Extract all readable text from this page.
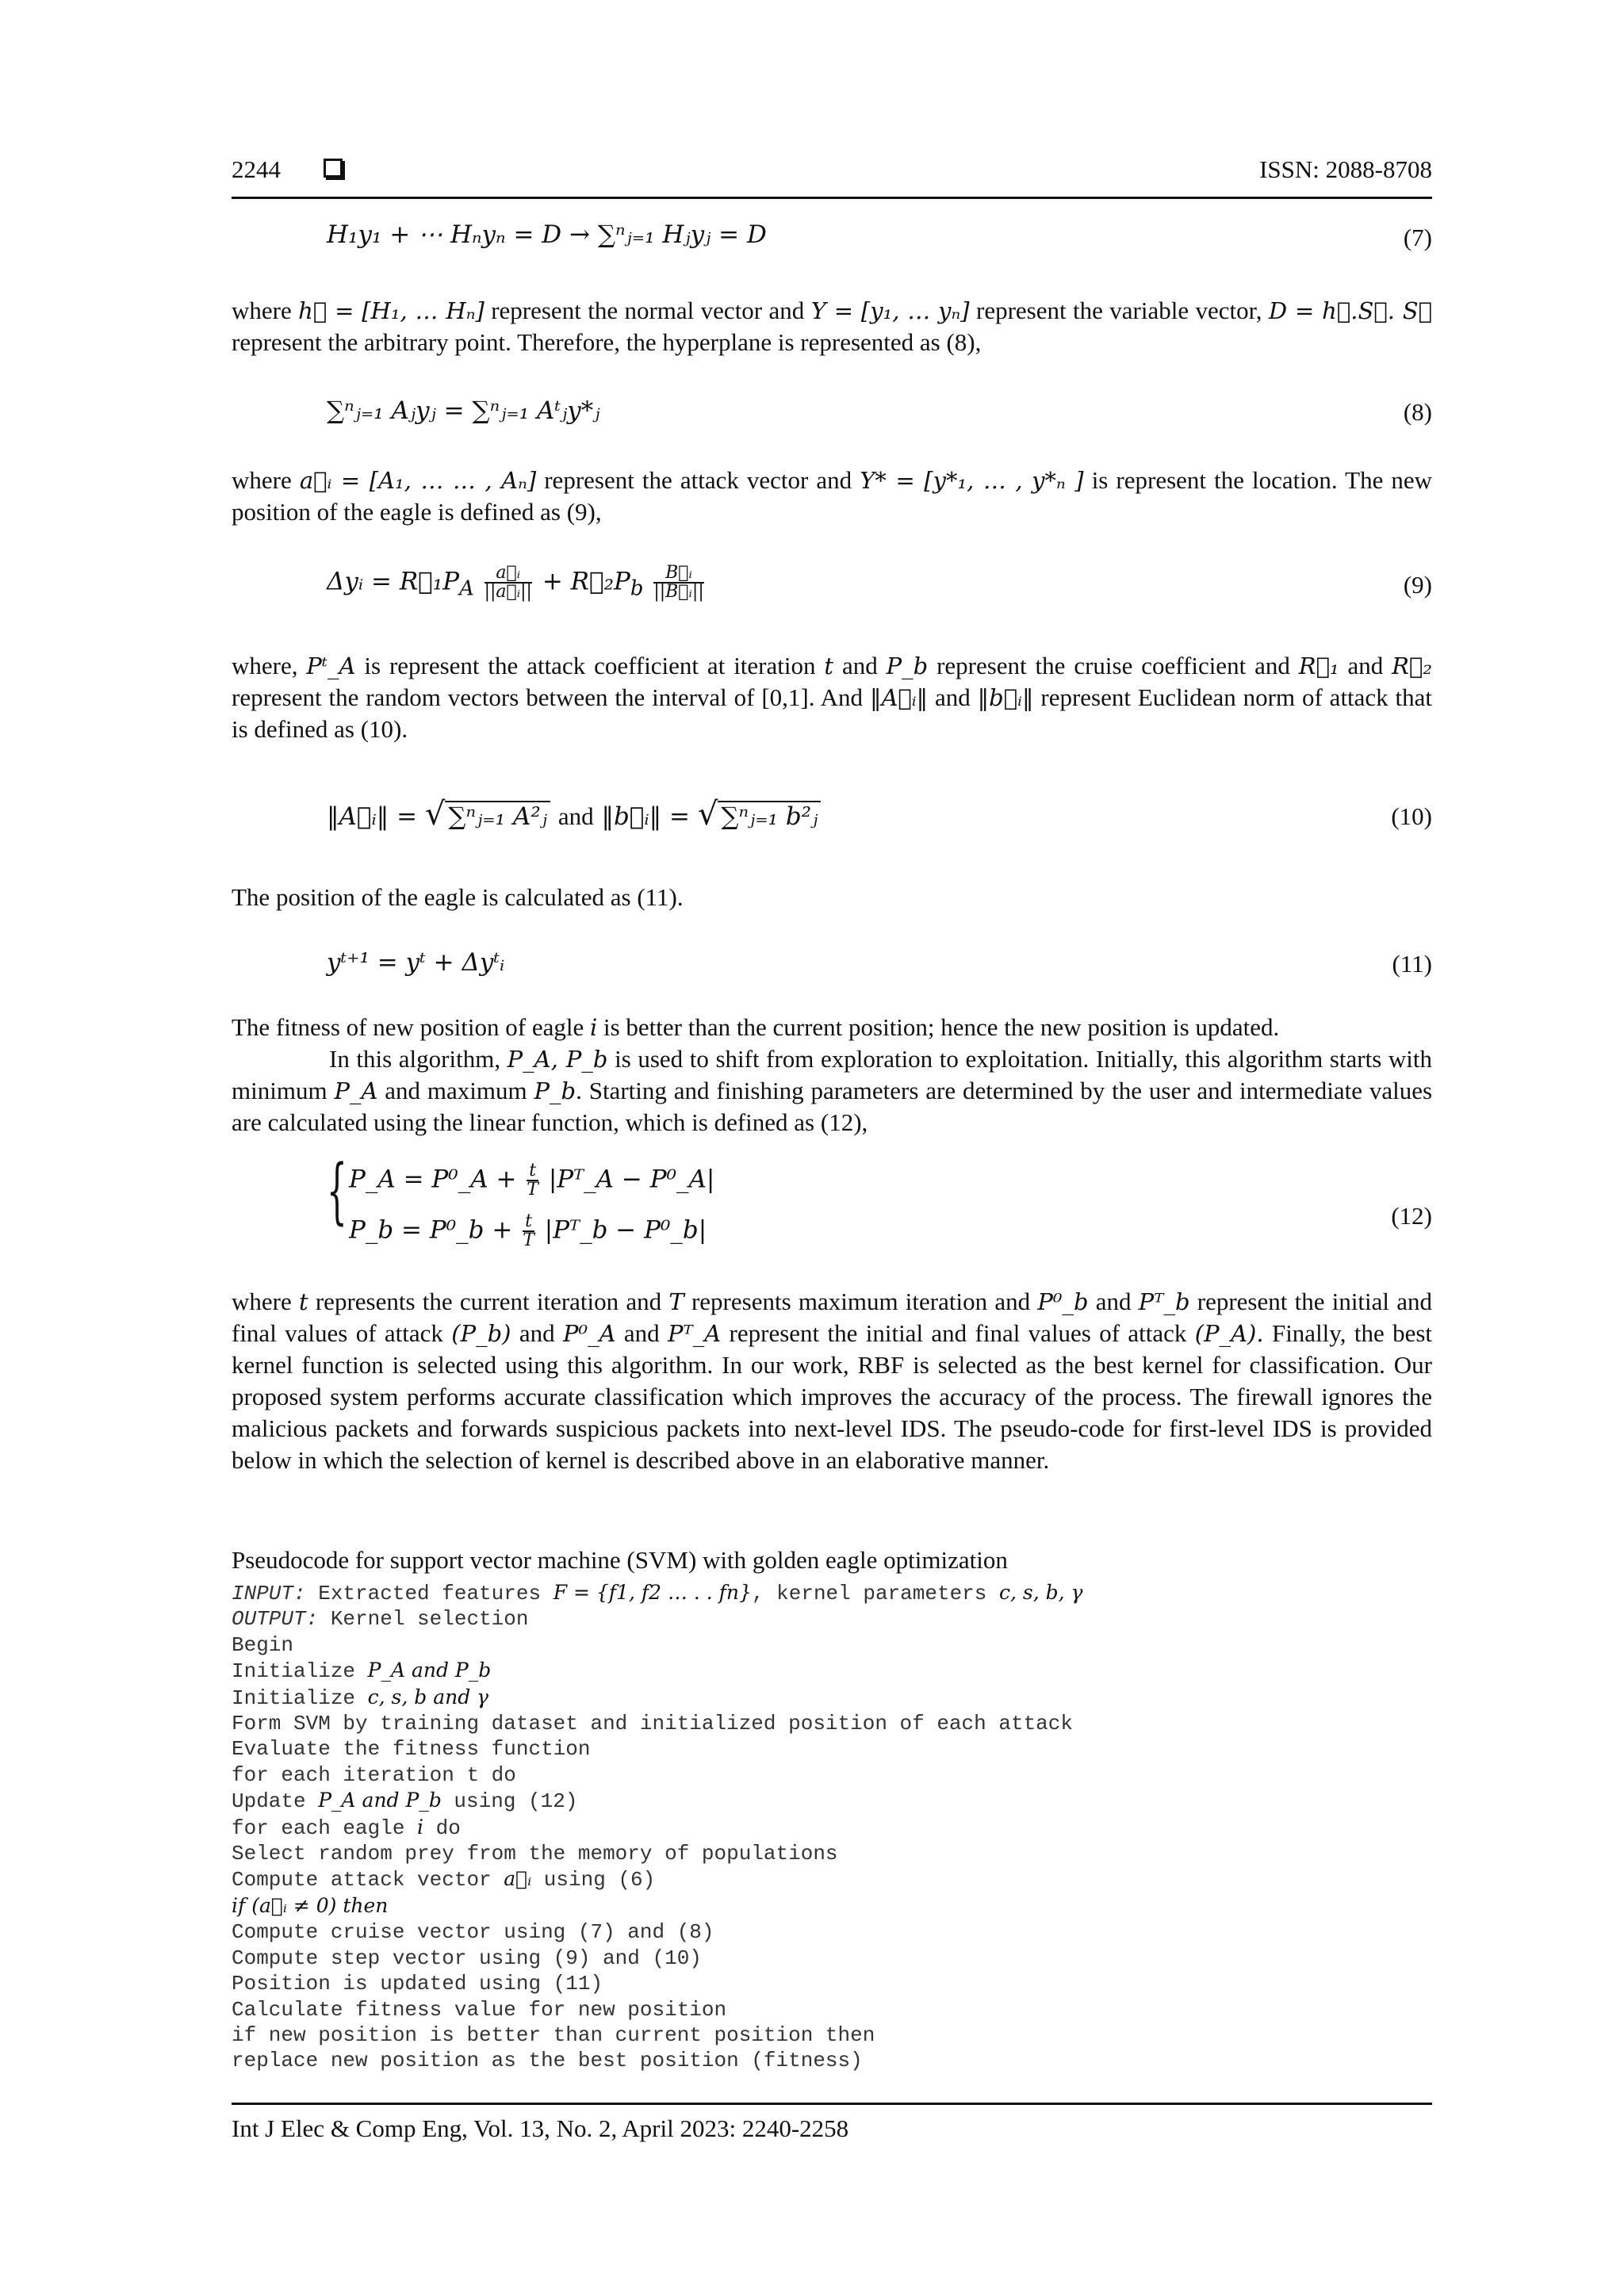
2244	ISSN: 2088-8708
H₁y₁ + ⋯ Hₙyₙ = D → ∑ⁿⱼ₌₁ Hⱼyⱼ = D	(7)
where h⃗ = [H₁, … Hₙ] represent the normal vector and Y = [y₁, … yₙ] represent the variable vector, D = h⃗.S⃗. S⃗ represent the arbitrary point. Therefore, the hyperplane is represented as (8),
∑ⁿⱼ₌₁ Aⱼyⱼ = ∑ⁿⱼ₌₁ Aᵗⱼy*ⱼ	(8)
where a⃗ᵢ = [A₁, … … , Aₙ] represent the attack vector and Y* = [y*₁, … , y*ₙ ] is represent the location. The new position of the eagle is defined as (9),
Δyᵢ = $R⃗_1P_A \frac{\text{a⃗ᵢ}}{\text{||a⃗ᵢ||}}$ + $R⃗_2P_b \frac{\text{B⃗ᵢ}}{\text{||B⃗ᵢ||}}$	(9)
where, Pᵗ_A is represent the attack coefficient at iteration t and P_b represent the cruise coefficient and R⃗₁ and R⃗₂ represent the random vectors between the interval of [0,1]. And ‖A⃗ᵢ‖ and ‖b⃗ᵢ‖ represent Euclidean norm of attack that is defined as (10).
‖A⃗ᵢ‖ = √ ∑ⁿⱼ₌₁ A²ⱼ and ‖b⃗ᵢ‖ = √ ∑ⁿⱼ₌₁ b²ⱼ	(10)
The position of the eagle is calculated as (11).
yᵗ⁺¹ = yᵗ + Δyᵗᵢ	(11)
The fitness of new position of eagle i is better than the current position; hence the new position is updated.
In this algorithm, P_A, P_b is used to shift from exploration to exploitation. Initially, this algorithm starts with minimum P_A and maximum P_b. Starting and finishing parameters are determined by the user and intermediate values are calculated using the linear function, which is defined as (12),
{ P_A = P⁰_A + $\frac{t}{T}$ |Pᵀ_A − P⁰_A|
P_b = P⁰_b + $\frac{t}{T}$ |Pᵀ_b − P⁰_b|	(12)
where t represents the current iteration and T represents maximum iteration and P⁰_b and Pᵀ_b represent the initial and final values of attack (P_b) and P⁰_A and Pᵀ_A represent the initial and final values of attack (P_A). Finally, the best kernel function is selected using this algorithm. In our work, RBF is selected as the best kernel for classification. Our proposed system performs accurate classification which improves the accuracy of the process. The firewall ignores the malicious packets and forwards suspicious packets into next-level IDS. The pseudo-code for first-level IDS is provided below in which the selection of kernel is described above in an elaborative manner.
Pseudocode for support vector machine (SVM) with golden eagle optimization
INPUT: Extracted features F = {f1, f2 … . . fn}, kernel parameters c, s, b, γ
OUTPUT: Kernel selection
Begin
Initialize P_A and P_b
Initialize c, s, b and γ
Form SVM by training dataset and initialized position of each attack
Evaluate the fitness function
for each iteration t do
Update P_A and P_b using (12)
for each eagle i do
Select random prey from the memory of populations
Compute attack vector a⃗ᵢ using (6)
if (a⃗ᵢ ≠ 0) then
Compute cruise vector using (7) and (8)
Compute step vector using (9) and (10)
Position is updated using (11)
Calculate fitness value for new position
if new position is better than current position then
replace new position as the best position (fitness)
Int J Elec & Comp Eng, Vol. 13, No. 2, April 2023: 2240-2258
